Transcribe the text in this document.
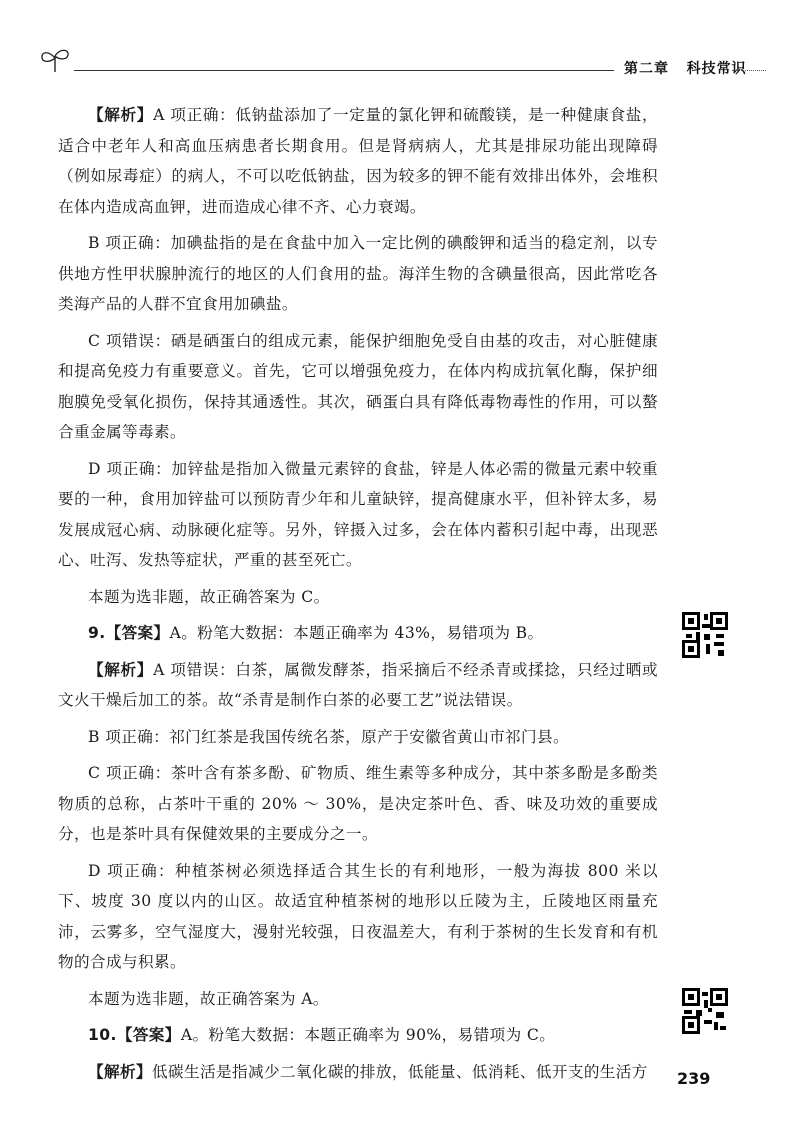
第二章 科技常识

【解析】A 项正确：低钠盐添加了一定量的氯化钾和硫酸镁，是一种健康食盐，适合中老年人和高血压病患者长期食用。但是肾病病人，尤其是排尿功能出现障碍（例如尿毒症）的病人，不可以吃低钠盐，因为较多的钾不能有效排出体外，会堆积在体内造成高血钾，进而造成心律不齐、心力衰竭。

B 项正确：加碘盐指的是在食盐中加入一定比例的碘酸钾和适当的稳定剂，以专供地方性甲状腺肿流行的地区的人们食用的盐。海洋生物的含碘量很高，因此常吃各类海产品的人群不宜食用加碘盐。

C 项错误：硒是硒蛋白的组成元素，能保护细胞免受自由基的攻击，对心脏健康和提高免疫力有重要意义。首先，它可以增强免疫力，在体内构成抗氧化酶，保护细胞膜免受氧化损伤，保持其通透性。其次，硒蛋白具有降低毒物毒性的作用，可以螯合重金属等毒素。

D 项正确：加锌盐是指加入微量元素锌的食盐，锌是人体必需的微量元素中较重要的一种，食用加锌盐可以预防青少年和儿童缺锌，提高健康水平，但补锌太多，易发展成冠心病、动脉硬化症等。另外，锌摄入过多，会在体内蓄积引起中毒，出现恶心、吐泻、发热等症状，严重的甚至死亡。

本题为选非题，故正确答案为 C。

9.【答案】A。粉笔大数据：本题正确率为 43%，易错项为 B。

【解析】A 项错误：白茶，属微发酵茶，指采摘后不经杀青或揉捻，只经过晒或文火干燥后加工的茶。故“杀青是制作白茶的必要工艺”说法错误。

B 项正确：祁门红茶是我国传统名茶，原产于安徽省黄山市祁门县。

C 项正确：茶叶含有茶多酚、矿物质、维生素等多种成分，其中茶多酚是多酚类物质的总称，占茶叶干重的 20% ～ 30%，是决定茶叶色、香、味及功效的重要成分，也是茶叶具有保健效果的主要成分之一。

D 项正确：种植茶树必须选择适合其生长的有利地形，一般为海拔 800 米以下、坡度 30 度以内的山区。故适宜种植茶树的地形以丘陵为主，丘陵地区雨量充沛，云雾多，空气湿度大，漫射光较强，日夜温差大，有利于茶树的生长发育和有机物的合成与积累。

本题为选非题，故正确答案为 A。

10.【答案】A。粉笔大数据：本题正确率为 90%，易错项为 C。

【解析】低碳生活是指减少二氧化碳的排放，低能量、低消耗、低开支的生活方	239
